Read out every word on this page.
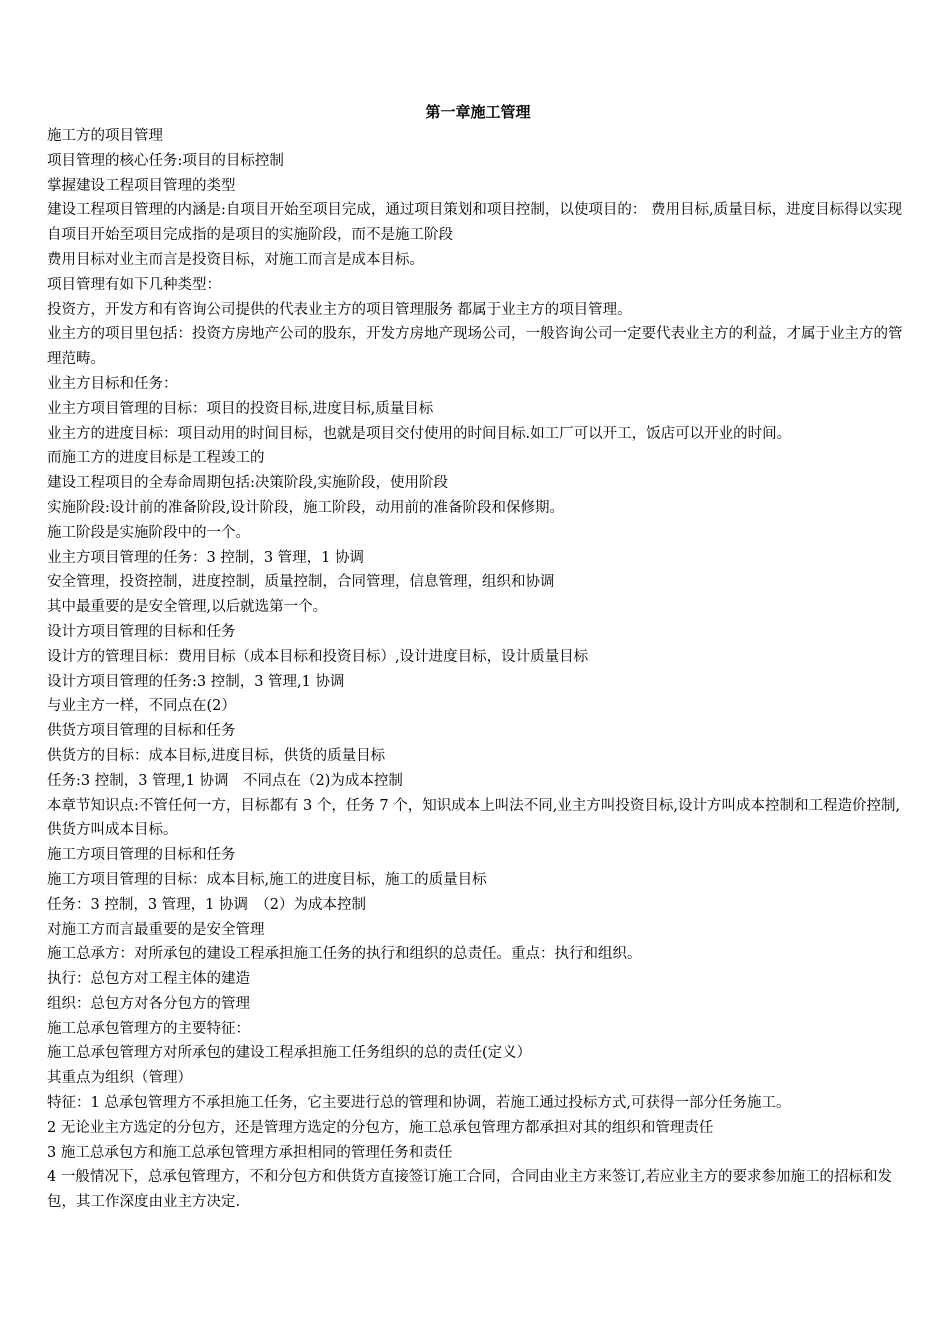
第一章施工管理

施工方的项目管理

项目管理的核心任务:项目的目标控制

掌握建设工程项目管理的类型

建设工程项目管理的内涵是:自项目开始至项目完成，通过项目策划和项目控制，以使项目的： 费用目标,质量目标，进度目标得以实现

自项目开始至项目完成指的是项目的实施阶段，而不是施工阶段

费用目标对业主而言是投资目标，对施工而言是成本目标。

项目管理有如下几种类型：

投资方，开发方和有咨询公司提供的代表业主方的项目管理服务 都属于业主方的项目管理。

业主方的项目里包括：投资方房地产公司的股东，开发方房地产现场公司，一般咨询公司一定要代表业主方的利益，才属于业主方的管理范畴。

业主方目标和任务：

业主方项目管理的目标：项目的投资目标,进度目标,质量目标

业主方的进度目标：项目动用的时间目标，也就是项目交付使用的时间目标.如工厂可以开工，饭店可以开业的时间。

而施工方的进度目标是工程竣工的

建设工程项目的全寿命周期包括:决策阶段,实施阶段，使用阶段

实施阶段:设计前的准备阶段,设计阶段，施工阶段，动用前的准备阶段和保修期。

施工阶段是实施阶段中的一个。

业主方项目管理的任务：3 控制，3 管理，1 协调

安全管理，投资控制，进度控制，质量控制，合同管理，信息管理，组织和协调

其中最重要的是安全管理,以后就选第一个。

设计方项目管理的目标和任务

设计方的管理目标：费用目标（成本目标和投资目标）,设计进度目标，设计质量目标

设计方项目管理的任务:3 控制，3 管理,1 协调

与业主方一样，不同点在(2）

供货方项目管理的目标和任务

供货方的目标：成本目标,进度目标，供货的质量目标

任务:3 控制，3 管理,1 协调　不同点在（2)为成本控制

本章节知识点:不管任何一方，目标都有 3 个，任务 7 个，知识成本上叫法不同,业主方叫投资目标,设计方叫成本控制和工程造价控制,供货方叫成本目标。

施工方项目管理的目标和任务

施工方项目管理的目标：成本目标,施工的进度目标，施工的质量目标

任务：3 控制，3 管理，1 协调　（2）为成本控制

对施工方而言最重要的是安全管理

施工总承方：对所承包的建设工程承担施工任务的执行和组织的总责任。重点：执行和组织。

执行：总包方对工程主体的建造

组织：总包方对各分包方的管理

施工总承包管理方的主要特征：

施工总承包管理方对所承包的建设工程承担施工任务组织的总的责任(定义）

其重点为组织（管理）

特征：1 总承包管理方不承担施工任务，它主要进行总的管理和协调，若施工通过投标方式,可获得一部分任务施工。

2 无论业主方选定的分包方，还是管理方选定的分包方，施工总承包管理方都承担对其的组织和管理责任

3 施工总承包方和施工总承包管理方承担相同的管理任务和责任

4 一般情况下，总承包管理方，不和分包方和供货方直接签订施工合同，合同由业主方来签订,若应业主方的要求参加施工的招标和发包，其工作深度由业主方决定.
